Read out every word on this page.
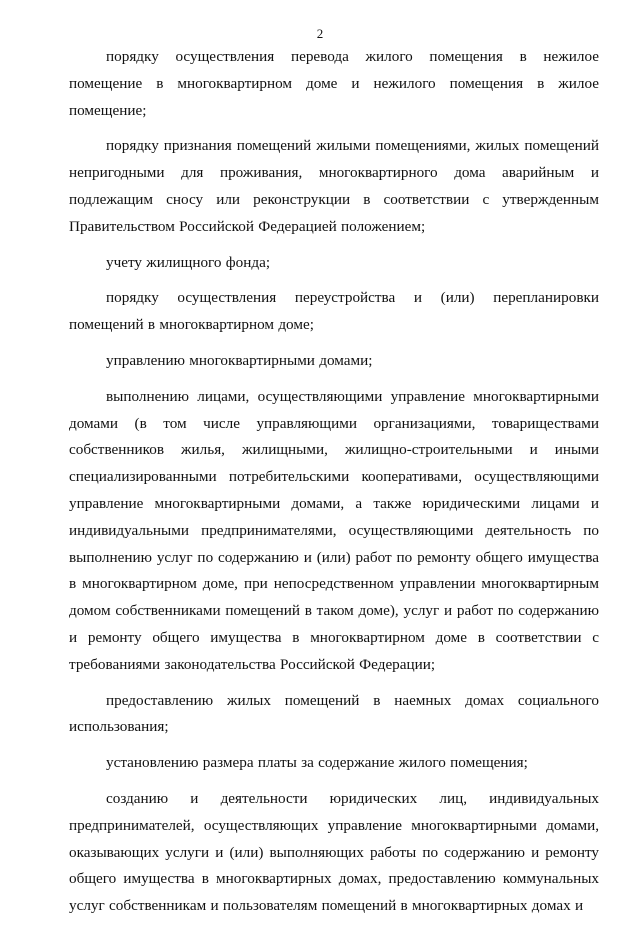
2

порядку осуществления перевода жилого помещения в нежилое помещение в многоквартирном доме и нежилого помещения в жилое помещение;

порядку признания помещений жилыми помещениями, жилых помещений непригодными для проживания, многоквартирного дома аварийным и подлежащим сносу или реконструкции в соответствии с утвержденным Правительством Российской Федерацией положением;

учету жилищного фонда;

порядку осуществления переустройства и (или) перепланировки помещений в многоквартирном доме;

управлению многоквартирными домами;

выполнению лицами, осуществляющими управление многоквартирными домами (в том числе управляющими организациями, товариществами собственников жилья, жилищными, жилищно-строительными и иными специализированными потребительскими кооперативами, осуществляющими управление многоквартирными домами, а также юридическими лицами и индивидуальными предпринимателями, осуществляющими деятельность по выполнению услуг по содержанию и (или) работ по ремонту общего имущества в многоквартирном доме, при непосредственном управлении многоквартирным домом собственниками помещений в таком доме), услуг и работ по содержанию и ремонту общего имущества в многоквартирном доме в соответствии с требованиями законодательства Российской Федерации;

предоставлению жилых помещений в наемных домах социального использования;

установлению размера платы за содержание жилого помещения;

созданию и деятельности юридических лиц, индивидуальных предпринимателей, осуществляющих управление многоквартирными домами, оказывающих услуги и (или) выполняющих работы по содержанию и ремонту общего имущества в многоквартирных домах, предоставлению коммунальных услуг собственникам и пользователям помещений в многоквартирных домах и
